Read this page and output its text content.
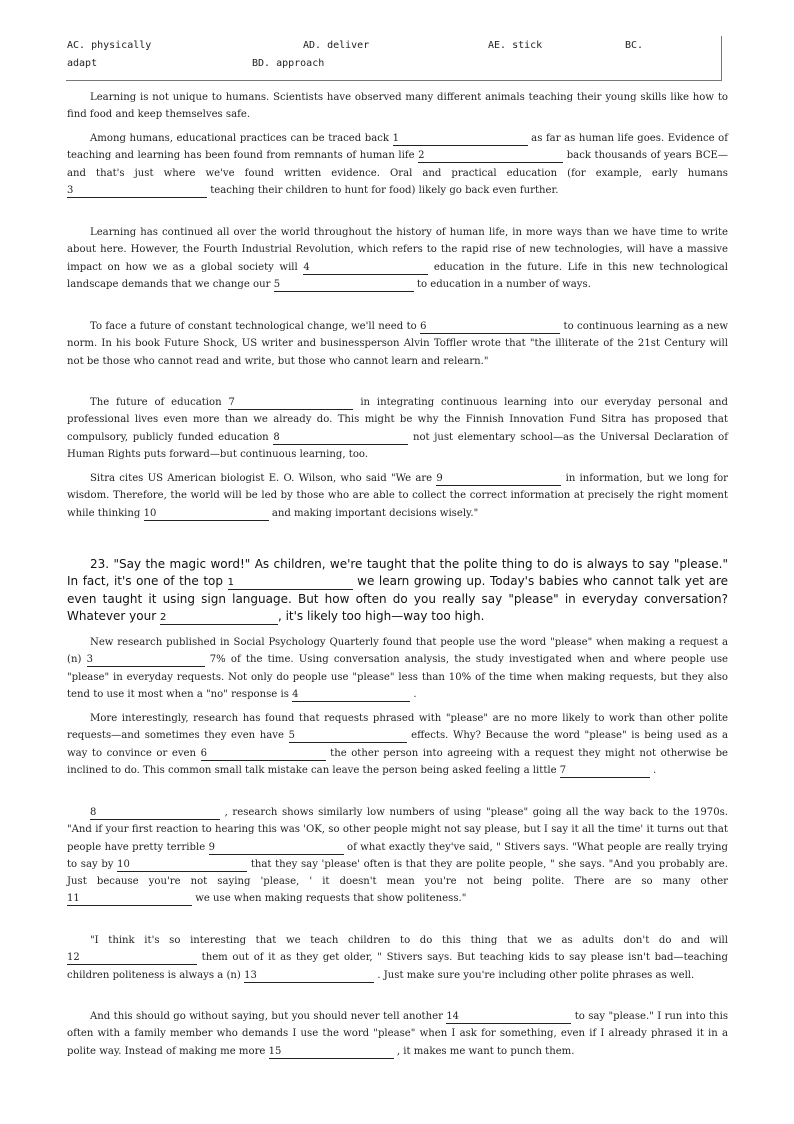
AC. physically	AD. deliver	AE. stick	BC.
adapt	BD. approach

Learning is not unique to humans. Scientists have observed many different animals teaching their young skills like how to find food and keep themselves safe.

Among humans, educational practices can be traced back 1	as far as human life goes. Evidence of teaching and learning has been found from remnants of human life 2	back thousands of years BCE—and that's just where we've found written evidence. Oral and practical education (for example, early humans 3	teaching their children to hunt for food) likely go back even further.

Learning has continued all over the world throughout the history of human life, in more ways than we have time to write about here. However, the Fourth Industrial Revolution, which refers to the rapid rise of new technologies, will have a massive impact on how we as a global society will 4	education in the future. Life in this new technological landscape demands that we change our 5	to education in a number of ways.

To face a future of constant technological change, we'll need to 6	to continuous learning as a new norm. In his book Future Shock, US writer and businessperson Alvin Toffler wrote that "the illiterate of the 21st Century will not be those who cannot read and write, but those who cannot learn and relearn."

The future of education 7	in integrating continuous learning into our everyday personal and professional lives even more than we already do. This might be why the Finnish Innovation Fund Sitra has proposed that compulsory, publicly funded education 8	not just elementary school—as the Universal Declaration of Human Rights puts forward—but continuous learning, too.

Sitra cites US American biologist E. O. Wilson, who said "We are 9	in information, but we long for wisdom. Therefore, the world will be led by those who are able to collect the correct information at precisely the right moment while thinking 10	and making important decisions wisely."

23. "Say the magic word!" As children, we're taught that the polite thing to do is always to say "please." In fact, it's one of the top 1	we learn growing up. Today's babies who cannot talk yet are even taught it using sign language. But how often do you really say "please" in everyday conversation? Whatever your 2	, it's likely too high—way too high.

New research published in Social Psychology Quarterly found that people use the word "please" when making a request a (n) 3	7% of the time. Using conversation analysis, the study investigated when and where people use "please" in everyday requests. Not only do people use "please" less than 10% of the time when making requests, but they also tend to use it most when a "no" response is 4	.

More interestingly, research has found that requests phrased with "please" are no more likely to work than other polite requests—and sometimes they even have 5	effects. Why? Because the word "please" is being used as a way to convince or even 6	the other person into agreeing with a request they might not otherwise be inclined to do. This common small talk mistake can leave the person being asked feeling a little 7	.

8	, research shows similarly low numbers of using "please" going all the way back to the 1970s. "And if your first reaction to hearing this was 'OK, so other people might not say please, but I say it all the time' it turns out that people have pretty terrible 9	of what exactly they've said, " Stivers says. "What people are really trying to say by 10	that they say 'please' often is that they are polite people, " she says. "And you probably are. Just because you're not saying 'please, ' it doesn't mean you're not being polite. There are so many other 11	we use when making requests that show politeness."

"I think it's so interesting that we teach children to do this thing that we as adults don't do and will 12	them out of it as they get older, " Stivers says. But teaching kids to say please isn't bad—teaching children politeness is always a (n) 13	. Just make sure you're including other polite phrases as well.

And this should go without saying, but you should never tell another 14	to say "please." I run into this often with a family member who demands I use the word "please" when I ask for something, even if I already phrased it in a polite way. Instead of making me more 15	, it makes me want to punch them.
